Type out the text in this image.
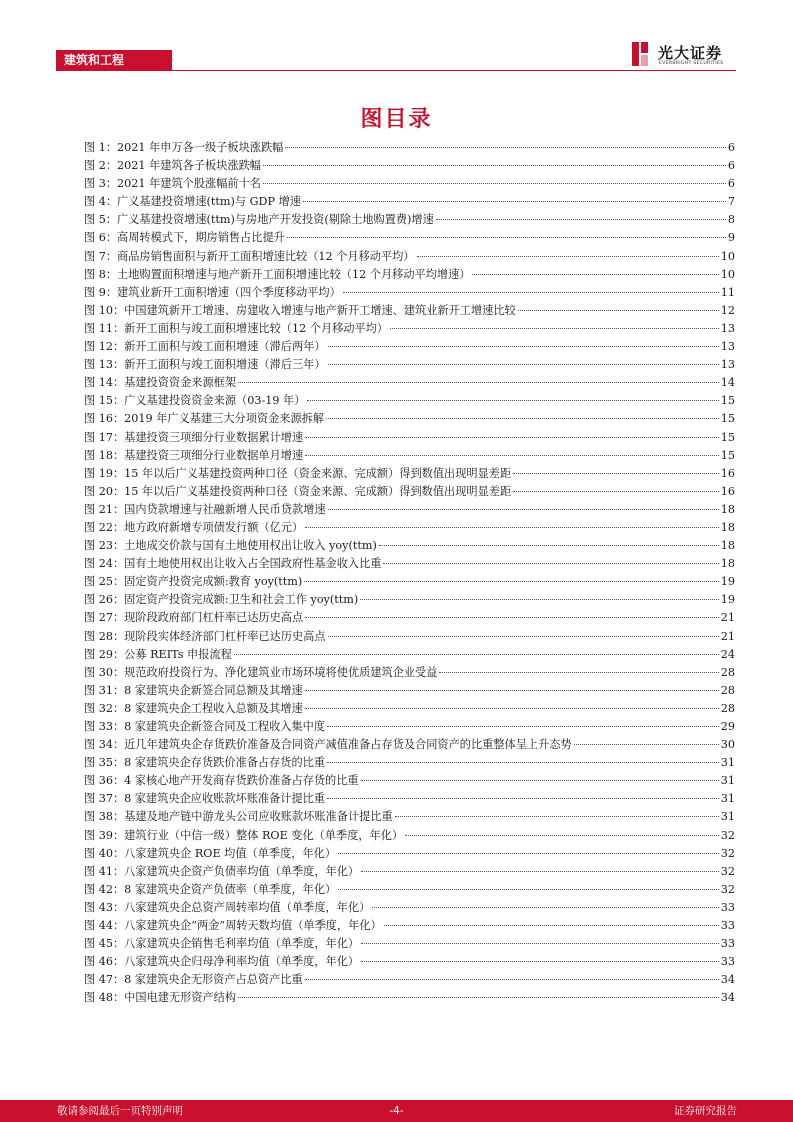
建筑和工程	光大证券
EVERBRIGHT SECURITIES
图目录
图 1：2021 年申万各一级子板块涨跌幅	6
图 2：2021 年建筑各子板块涨跌幅	6
图 3：2021 年建筑个股涨幅前十名	6
图 4：广义基建投资增速(ttm)与 GDP 增速	7
图 5：广义基建投资增速(ttm)与房地产开发投资(剔除土地购置费)增速	8
图 6：高周转模式下，期房销售占比提升	9
图 7：商品房销售面积与新开工面积增速比较（12 个月移动平均）	10
图 8：土地购置面积增速与地产新开工面积增速比较（12 个月移动平均增速）	10
图 9：建筑业新开工面积增速（四个季度移动平均）	11
图 10：中国建筑新开工增速、房建收入增速与地产新开工增速、建筑业新开工增速比较	12
图 11：新开工面积与竣工面积增速比较（12 个月移动平均）	13
图 12：新开工面积与竣工面积增速（滞后两年）	13
图 13：新开工面积与竣工面积增速（滞后三年）	13
图 14：基建投资资金来源框架	14
图 15：广义基建投资资金来源（03-19 年）	15
图 16：2019 年广义基建三大分项资金来源拆解	15
图 17：基建投资三项细分行业数据累计增速	15
图 18：基建投资三项细分行业数据单月增速	15
图 19：15 年以后广义基建投资两种口径（资金来源、完成额）得到数值出现明显差距	16
图 20：15 年以后广义基建投资两种口径（资金来源、完成额）得到数值出现明显差距	16
图 21：国内贷款增速与社融新增人民币贷款增速	18
图 22：地方政府新增专项债发行额（亿元）	18
图 23：土地成交价款与国有土地使用权出让收入 yoy(ttm)	18
图 24：国有土地使用权出让收入占全国政府性基金收入比重	18
图 25：固定资产投资完成额:教育 yoy(ttm)	19
图 26：固定资产投资完成额:卫生和社会工作 yoy(ttm)	19
图 27：现阶段政府部门杠杆率已达历史高点	21
图 28：现阶段实体经济部门杠杆率已达历史高点	21
图 29：公募 REITs 申报流程	24
图 30：规范政府投资行为、净化建筑业市场环境将使优质建筑企业受益	28
图 31：8 家建筑央企新签合同总额及其增速	28
图 32：8 家建筑央企工程收入总额及其增速	28
图 33：8 家建筑央企新签合同及工程收入集中度	29
图 34：近几年建筑央企存货跌价准备及合同资产减值准备占存货及合同资产的比重整体呈上升态势	30
图 35：8 家建筑央企存货跌价准备占存货的比重	31
图 36：4 家核心地产开发商存货跌价准备占存货的比重	31
图 37：8 家建筑央企应收账款坏账准备计提比重	31
图 38：基建及地产链中游龙头公司应收账款坏账准备计提比重	31
图 39：建筑行业（中信一级）整体 ROE 变化（单季度，年化）	32
图 40：八家建筑央企 ROE 均值（单季度，年化）	32
图 41：八家建筑央企资产负债率均值（单季度，年化）	32
图 42：8 家建筑央企资产负债率（单季度，年化）	32
图 43：八家建筑央企总资产周转率均值（单季度，年化）	33
图 44：八家建筑央企“两金”周转天数均值（单季度，年化）	33
图 45：八家建筑央企销售毛利率均值（单季度，年化）	33
图 46：八家建筑央企归母净利率均值（单季度，年化）	33
图 47：8 家建筑央企无形资产占总资产比重	34
图 48：中国电建无形资产结构	34
敬请参阅最后一页特别声明	-4-	证券研究报告
